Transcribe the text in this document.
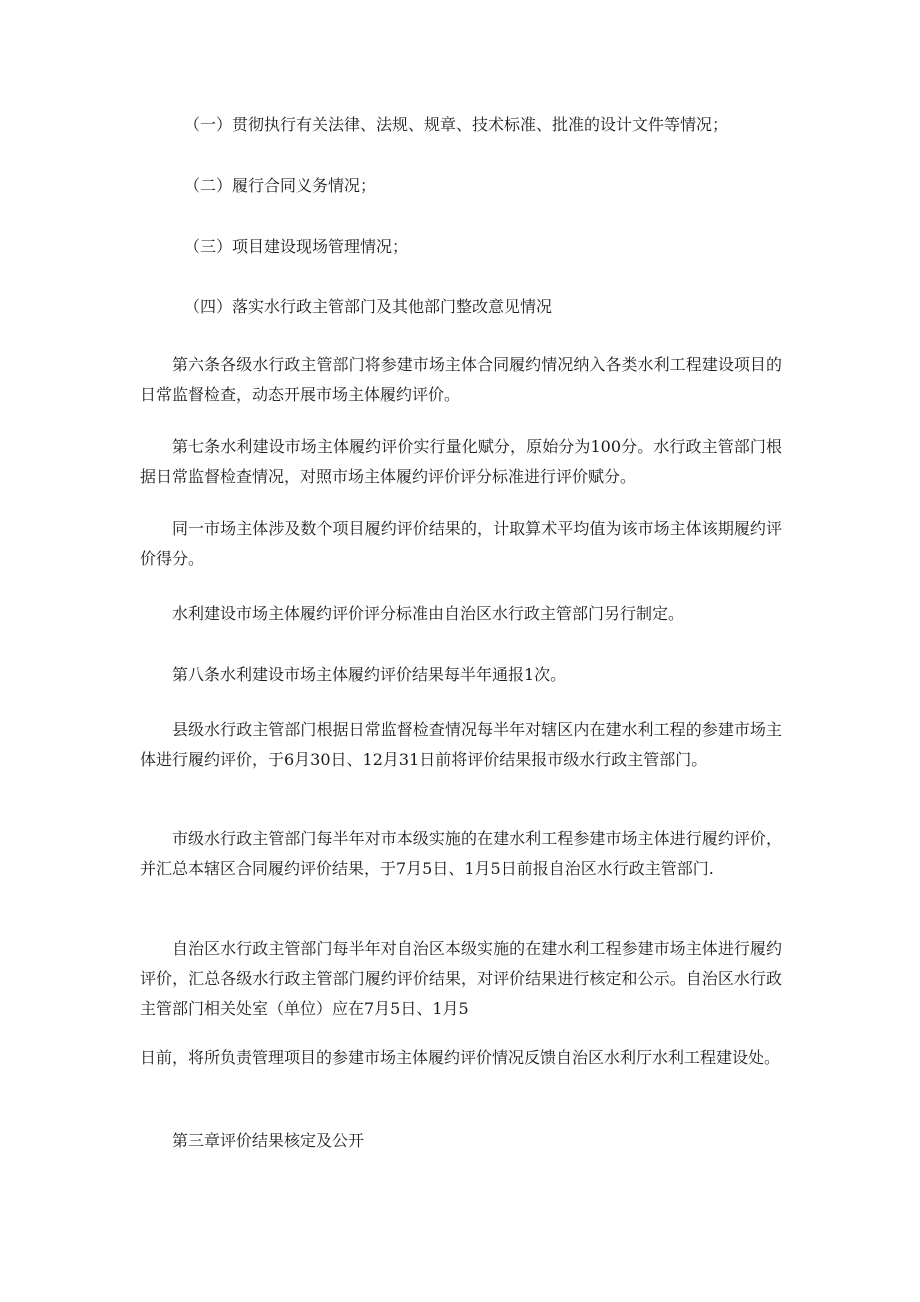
（一）贯彻执行有关法律、法规、规章、技术标准、批准的设计文件等情况；

（二）履行合同义务情况；

（三）项目建设现场管理情况；

（四）落实水行政主管部门及其他部门整改意见情况

第六条各级水行政主管部门将参建市场主体合同履约情况纳入各类水利工程建设项目的日常监督检查，动态开展市场主体履约评价。

第七条水利建设市场主体履约评价实行量化赋分，原始分为100分。水行政主管部门根据日常监督检查情况，对照市场主体履约评价评分标准进行评价赋分。

同一市场主体涉及数个项目履约评价结果的，计取算术平均值为该市场主体该期履约评价得分。

水利建设市场主体履约评价评分标准由自治区水行政主管部门另行制定。

第八条水利建设市场主体履约评价结果每半年通报1次。

县级水行政主管部门根据日常监督检查情况每半年对辖区内在建水利工程的参建市场主体进行履约评价，于6月30日、12月31日前将评价结果报市级水行政主管部门。

市级水行政主管部门每半年对市本级实施的在建水利工程参建市场主体进行履约评价，并汇总本辖区合同履约评价结果，于7月5日、1月5日前报自治区水行政主管部门.

自治区水行政主管部门每半年对自治区本级实施的在建水利工程参建市场主体进行履约评价，汇总各级水行政主管部门履约评价结果，对评价结果进行核定和公示。自治区水行政主管部门相关处室（单位）应在7月5日、1月5

日前，将所负责管理项目的参建市场主体履约评价情况反馈自治区水利厅水利工程建设处。

第三章评价结果核定及公开
